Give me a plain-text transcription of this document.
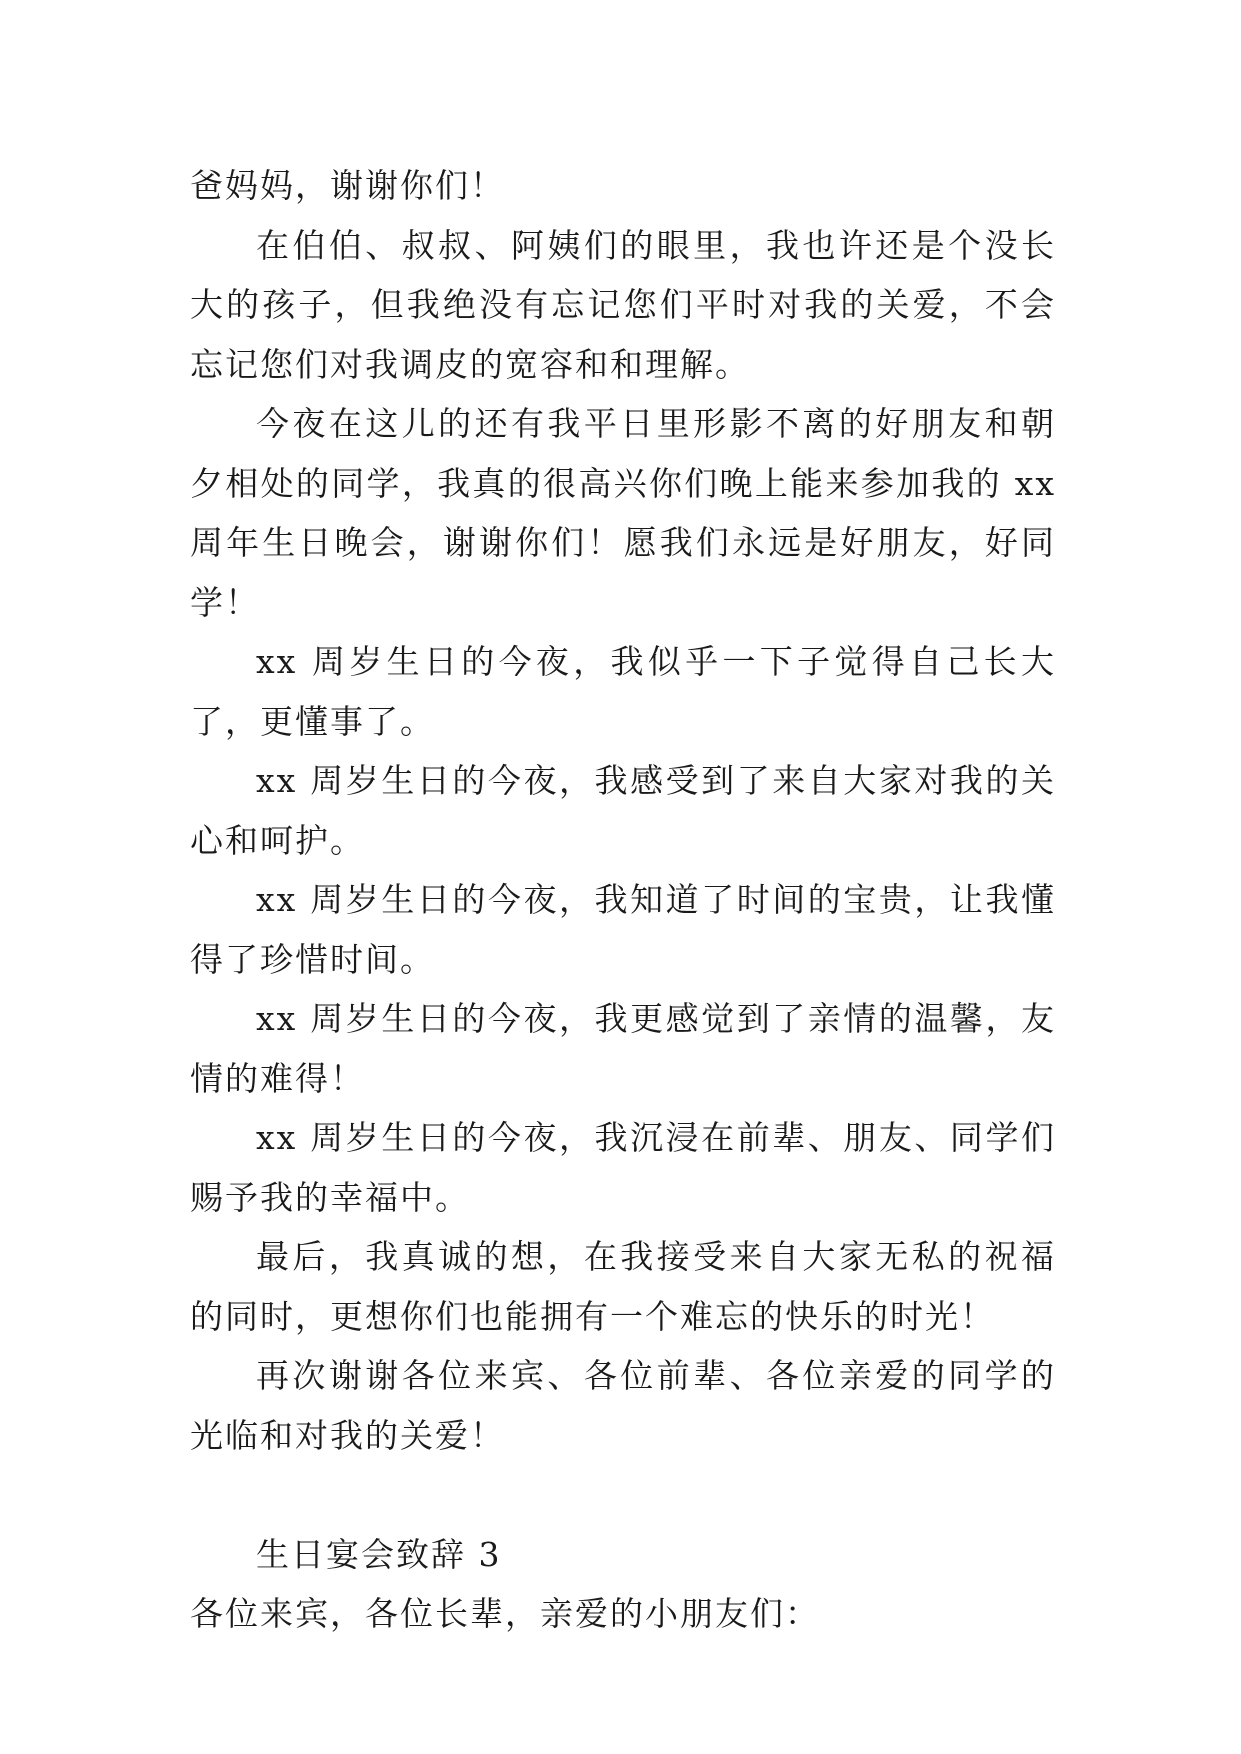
爸妈妈，谢谢你们！

在伯伯、叔叔、阿姨们的眼里，我也许还是个没长大的孩子，但我绝没有忘记您们平时对我的关爱，不会忘记您们对我调皮的宽容和和理解。

今夜在这儿的还有我平日里形影不离的好朋友和朝夕相处的同学，我真的很高兴你们晚上能来参加我的 xx 周年生日晚会，谢谢你们！愿我们永远是好朋友，好同学！

xx 周岁生日的今夜，我似乎一下子觉得自己长大了，更懂事了。

xx 周岁生日的今夜，我感受到了来自大家对我的关心和呵护。

xx 周岁生日的今夜，我知道了时间的宝贵，让我懂得了珍惜时间。

xx 周岁生日的今夜，我更感觉到了亲情的温馨，友情的难得！

xx 周岁生日的今夜，我沉浸在前辈、朋友、同学们赐予我的幸福中。

最后，我真诚的想，在我接受来自大家无私的祝福的同时，更想你们也能拥有一个难忘的快乐的时光！

再次谢谢各位来宾、各位前辈、各位亲爱的同学的光临和对我的关爱！

生日宴会致辞 3

各位来宾，各位长辈，亲爱的小朋友们：
